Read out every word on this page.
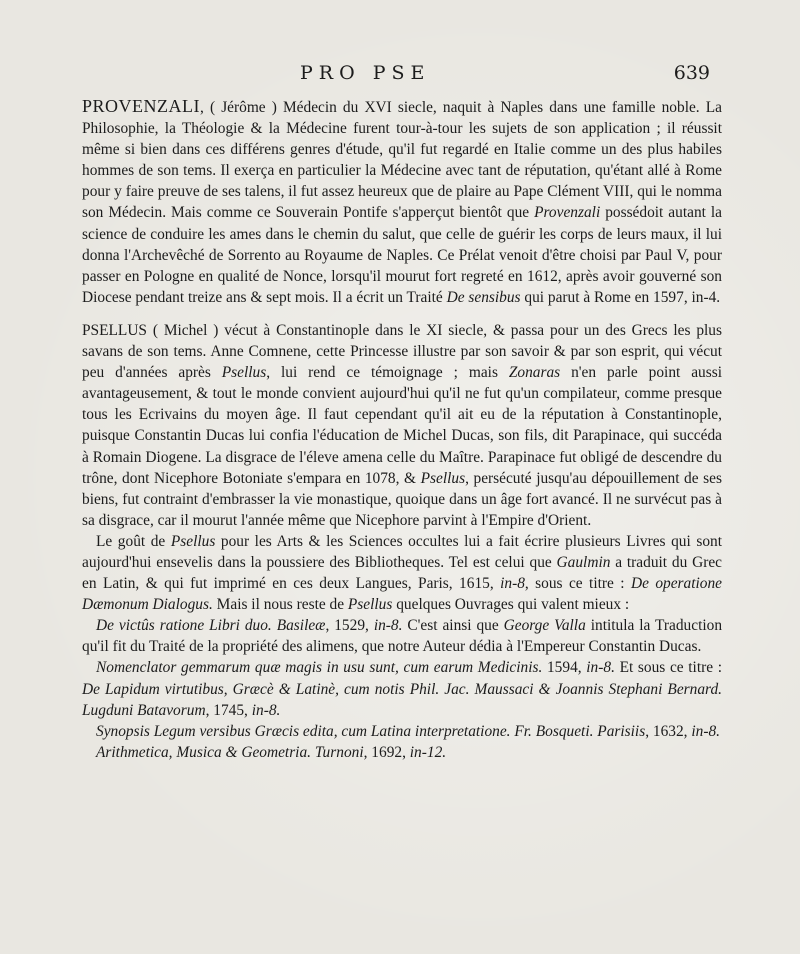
PRO PSE	639

PROVENZALI, ( Jérôme ) Médecin du XVI siecle, naquit à Naples dans une famille noble. La Philosophie, la Théologie & la Médecine furent tour-à-tour les sujets de son application ; il réussit même si bien dans ces différens genres d'étude, qu'il fut regardé en Italie comme un des plus habiles hommes de son tems. Il exerça en particulier la Médecine avec tant de réputation, qu'étant allé à Rome pour y faire preuve de ses talens, il fut assez heureux que de plaire au Pape Clément VIII, qui le nomma son Médecin. Mais comme ce Souverain Pontife s'apperçut bientôt que Provenzali possédoit autant la science de conduire les ames dans le chemin du salut, que celle de guérir les corps de leurs maux, il lui donna l'Archevêché de Sorrento au Royaume de Naples. Ce Prélat venoit d'être choisi par Paul V, pour passer en Pologne en qualité de Nonce, lorsqu'il mourut fort regreté en 1612, après avoir gouverné son Diocese pendant treize ans & sept mois. Il a écrit un Traité De sensibus qui parut à Rome en 1597, in-4.

PSELLUS ( Michel ) vécut à Constantinople dans le XI siecle, & passa pour un des Grecs les plus savans de son tems. Anne Comnene, cette Princesse illustre par son savoir & par son esprit, qui vécut peu d'années après Psellus, lui rend ce témoignage ; mais Zonaras n'en parle point aussi avantageusement, & tout le monde convient aujourd'hui qu'il ne fut qu'un compilateur, comme presque tous les Ecrivains du moyen âge. Il faut cependant qu'il ait eu de la réputation à Constantinople, puisque Constantin Ducas lui confia l'éducation de Michel Ducas, son fils, dit Parapinace, qui succéda à Romain Diogene. La disgrace de l'éleve amena celle du Maître. Parapinace fut obligé de descendre du trône, dont Nicephore Botoniate s'empara en 1078, & Psellus, persécuté jusqu'au dépouillement de ses biens, fut contraint d'embrasser la vie monastique, quoique dans un âge fort avancé. Il ne survécut pas à sa disgrace, car il mourut l'année même que Nicephore parvint à l'Empire d'Orient.

Le goût de Psellus pour les Arts & les Sciences occultes lui a fait écrire plusieurs Livres qui sont aujourd'hui ensevelis dans la poussiere des Bibliotheques. Tel est celui que Gaulmin a traduit du Grec en Latin, & qui fut imprimé en ces deux Langues, Paris, 1615, in-8, sous ce titre : De operatione Dæmonum Dialogus. Mais il nous reste de Psellus quelques Ouvrages qui valent mieux :

De victûs ratione Libri duo. Basileæ, 1529, in-8. C'est ainsi que George Valla intitula la Traduction qu'il fit du Traité de la propriété des alimens, que notre Auteur dédia à l'Empereur Constantin Ducas.

Nomenclator gemmarum quæ magis in usu sunt, cum earum Medicinis. 1594, in-8. Et sous ce titre : De Lapidum virtutibus, Græcè & Latinè, cum notis Phil. Jac. Maussaci & Joannis Stephani Bernard. Lugduni Batavorum, 1745, in-8.

Synopsis Legum versibus Græcis edita, cum Latina interpretatione. Fr. Bosqueti. Parisiis, 1632, in-8.

Arithmetica, Musica & Geometria. Turnoni, 1692, in-12.
